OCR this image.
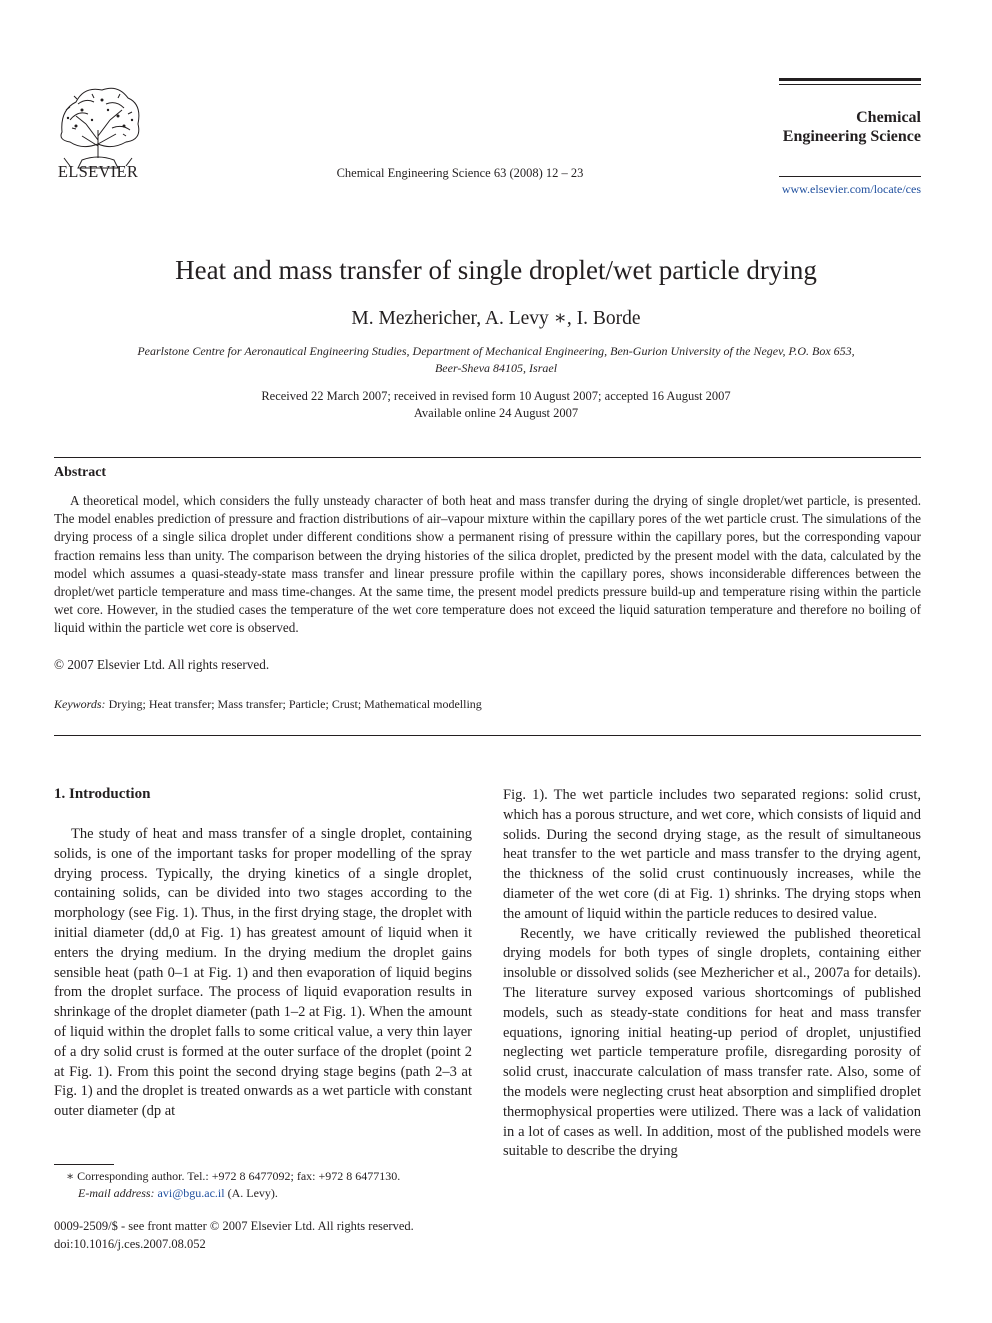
ELSEVIER	Chemical Engineering Science 63 (2008) 12 – 23
Chemical
Engineering Science
www.elsevier.com/locate/ces
Heat and mass transfer of single droplet/wet particle drying
M. Mezhericher, A. Levy ∗, I. Borde
Pearlstone Centre for Aeronautical Engineering Studies, Department of Mechanical Engineering, Ben-Gurion University of the Negev, P.O. Box 653,
Beer-Sheva 84105, Israel
Received 22 March 2007; received in revised form 10 August 2007; accepted 16 August 2007
Available online 24 August 2007
Abstract

A theoretical model, which considers the fully unsteady character of both heat and mass transfer during the drying of single droplet/wet particle, is presented. The model enables prediction of pressure and fraction distributions of air–vapour mixture within the capillary pores of the wet particle crust. The simulations of the drying process of a single silica droplet under different conditions show a permanent rising of pressure within the capillary pores, but the corresponding vapour fraction remains less than unity. The comparison between the drying histories of the silica droplet, predicted by the present model with the data, calculated by the model which assumes a quasi-steady-state mass transfer and linear pressure profile within the capillary pores, shows inconsiderable differences between the droplet/wet particle temperature and mass time-changes. At the same time, the present model predicts pressure build-up and temperature rising within the particle wet core. However, in the studied cases the temperature of the wet core temperature does not exceed the liquid saturation temperature and therefore no boiling of liquid within the particle wet core is observed.

© 2007 Elsevier Ltd. All rights reserved.
Keywords: Drying; Heat transfer; Mass transfer; Particle; Crust; Mathematical modelling
1. Introduction

The study of heat and mass transfer of a single droplet, containing solids, is one of the important tasks for proper modelling of the spray drying process. Typically, the drying kinetics of a single droplet, containing solids, can be divided into two stages according to the morphology (see Fig. 1). Thus, in the first drying stage, the droplet with initial diameter (dd,0 at Fig. 1) has greatest amount of liquid when it enters the drying medium. In the drying medium the droplet gains sensible heat (path 0–1 at Fig. 1) and then evaporation of liquid begins from the droplet surface. The process of liquid evaporation results in shrinkage of the droplet diameter (path 1–2 at Fig. 1). When the amount of liquid within the droplet falls to some critical value, a very thin layer of a dry solid crust is formed at the outer surface of the droplet (point 2 at Fig. 1). From this point the second drying stage begins (path 2–3 at Fig. 1) and the droplet is treated onwards as a wet particle with constant outer diameter (dp at

Fig. 1). The wet particle includes two separated regions: solid crust, which has a porous structure, and wet core, which consists of liquid and solids. During the second drying stage, as the result of simultaneous heat transfer to the wet particle and mass transfer to the drying agent, the thickness of the solid crust continuously increases, while the diameter of the wet core (di at Fig. 1) shrinks. The drying stops when the amount of liquid within the particle reduces to desired value.

Recently, we have critically reviewed the published theoretical drying models for both types of single droplets, containing either insoluble or dissolved solids (see Mezhericher et al., 2007a for details). The literature survey exposed various shortcomings of published models, such as steady-state conditions for heat and mass transfer equations, ignoring initial heating-up period of droplet, unjustified neglecting wet particle temperature profile, disregarding porosity of solid crust, inaccurate calculation of mass transfer rate. Also, some of the models were neglecting crust heat absorption and simplified droplet thermophysical properties were utilized. There was a lack of validation in a lot of cases as well. In addition, most of the published models were suitable to describe the drying

∗ Corresponding author. Tel.: +972 8 6477092; fax: +972 8 6477130.
E-mail address: avi@bgu.ac.il (A. Levy).
0009-2509/$ - see front matter © 2007 Elsevier Ltd. All rights reserved.
doi:10.1016/j.ces.2007.08.052
